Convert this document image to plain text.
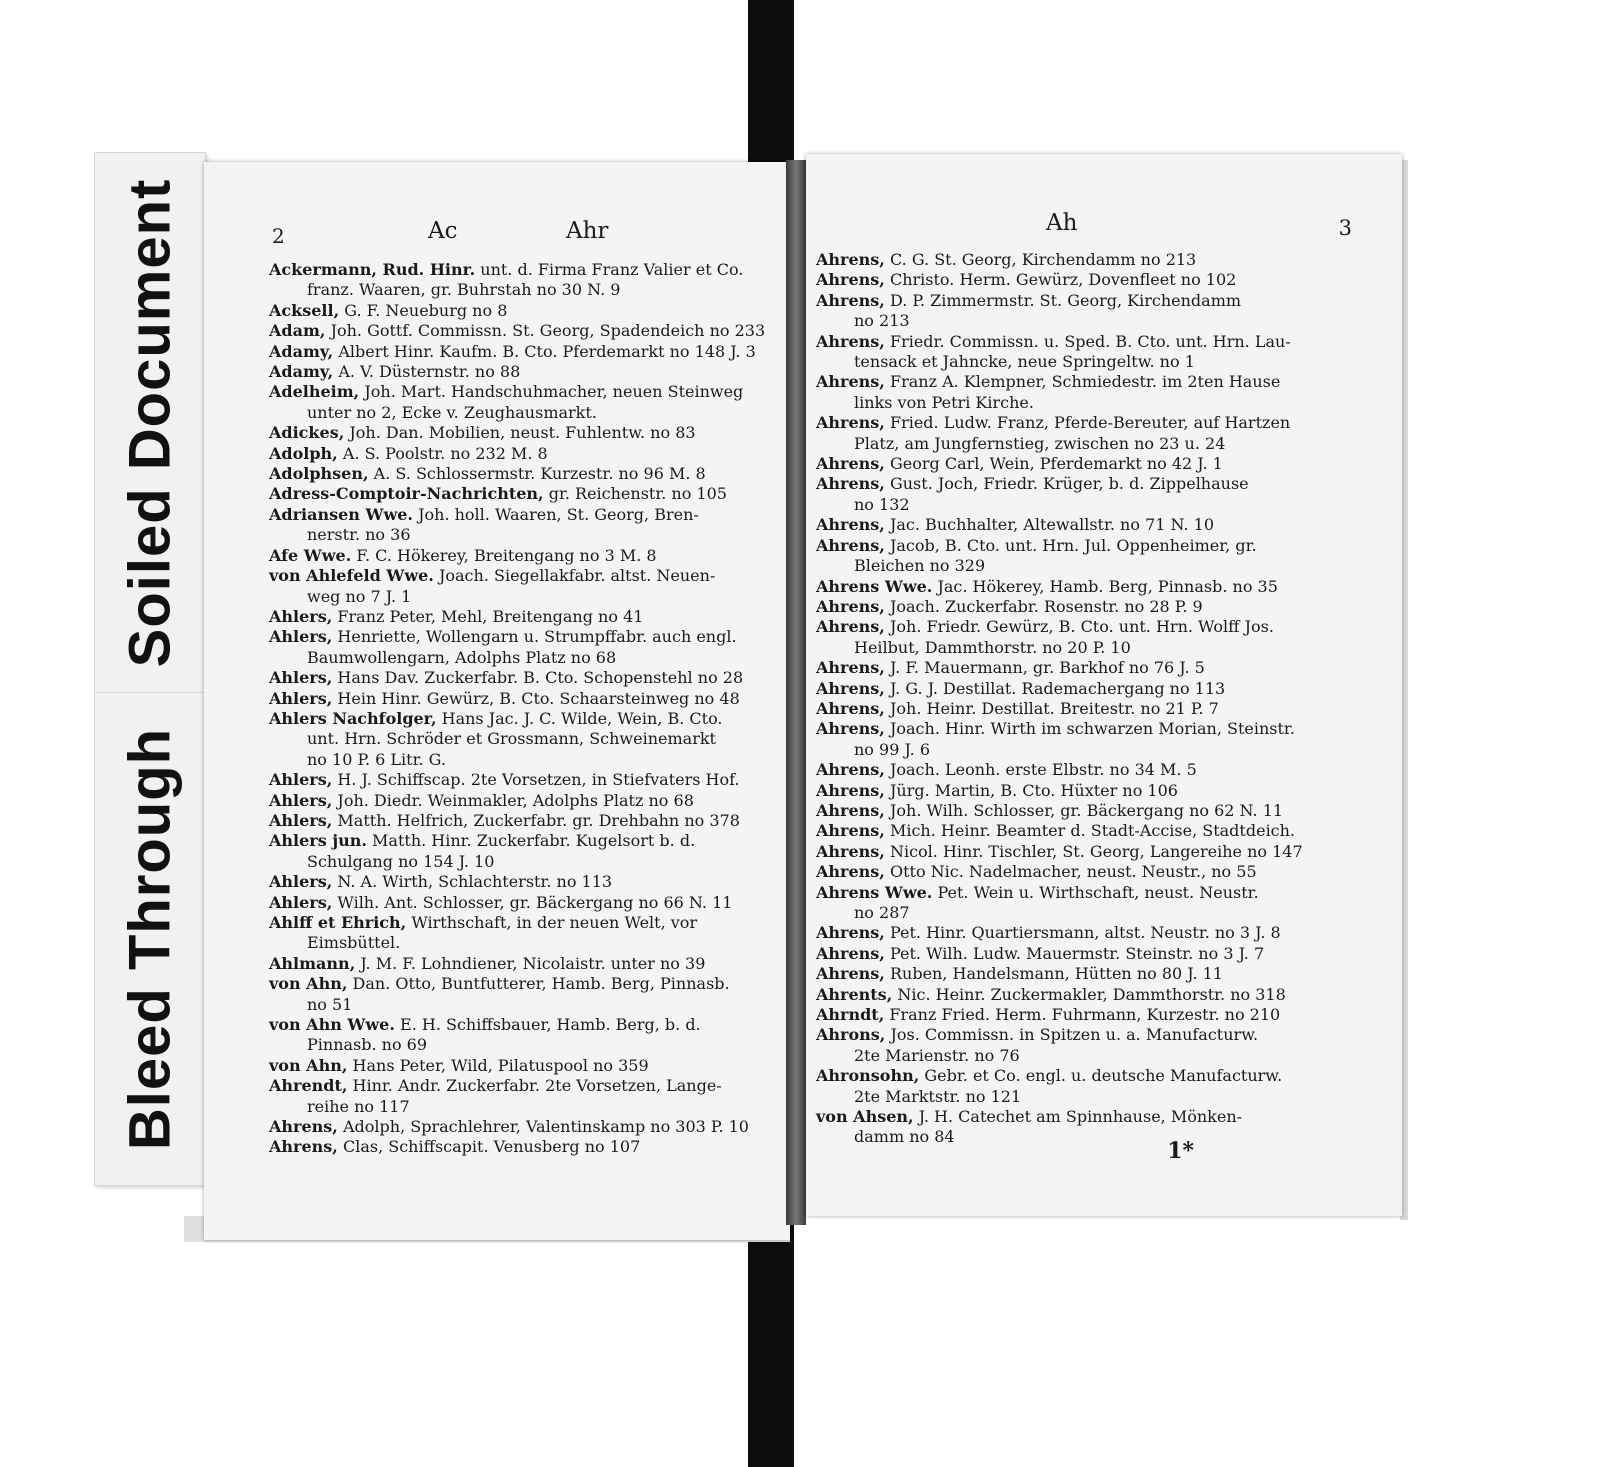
Soiled Document
Bleed Through
2	Ac	Ahr
Ackermann, Rud. Hinr. unt. d. Firma Franz Valier et Co.
franz. Waaren, gr. Buhrstah no 30 N. 9
Acksell, G. F. Neueburg no 8
Adam, Joh. Gottf. Commissn. St. Georg, Spadendeich no 233
Adamy, Albert Hinr. Kaufm. B. Cto. Pferdemarkt no 148 J. 3
Adamy, A. V. Düsternstr. no 88
Adelheim, Joh. Mart. Handschuhmacher, neuen Steinweg
unter no 2, Ecke v. Zeughausmarkt.
Adickes, Joh. Dan. Mobilien, neust. Fuhlentw. no 83
Adolph, A. S. Poolstr. no 232 M. 8
Adolphsen, A. S. Schlossermstr. Kurzestr. no 96 M. 8
Adress-Comptoir-Nachrichten, gr. Reichenstr. no 105
Adriansen Wwe. Joh. holl. Waaren, St. Georg, Bren-
nerstr. no 36
Afe Wwe. F. C. Hökerey, Breitengang no 3 M. 8
von Ahlefeld Wwe. Joach. Siegellakfabr. altst. Neuen-
weg no 7 J. 1
Ahlers, Franz Peter, Mehl, Breitengang no 41
Ahlers, Henriette, Wollengarn u. Strumpffabr. auch engl.
Baumwollengarn, Adolphs Platz no 68
Ahlers, Hans Dav. Zuckerfabr. B. Cto. Schopenstehl no 28
Ahlers, Hein Hinr. Gewürz, B. Cto. Schaarsteinweg no 48
Ahlers Nachfolger, Hans Jac. J. C. Wilde, Wein, B. Cto.
unt. Hrn. Schröder et Grossmann, Schweinemarkt
no 10 P. 6 Litr. G.
Ahlers, H. J. Schiffscap. 2te Vorsetzen, in Stiefvaters Hof.
Ahlers, Joh. Diedr. Weinmakler, Adolphs Platz no 68
Ahlers, Matth. Helfrich, Zuckerfabr. gr. Drehbahn no 378
Ahlers jun. Matth. Hinr. Zuckerfabr. Kugelsort b. d.
Schulgang no 154 J. 10
Ahlers, N. A. Wirth, Schlachterstr. no 113
Ahlers, Wilh. Ant. Schlosser, gr. Bäckergang no 66 N. 11
Ahlff et Ehrich, Wirthschaft, in der neuen Welt, vor
Eimsbüttel.
Ahlmann, J. M. F. Lohndiener, Nicolaistr. unter no 39
von Ahn, Dan. Otto, Buntfutterer, Hamb. Berg, Pinnasb.
no 51
von Ahn Wwe. E. H. Schiffsbauer, Hamb. Berg, b. d.
Pinnasb. no 69
von Ahn, Hans Peter, Wild, Pilatuspool no 359
Ahrendt, Hinr. Andr. Zuckerfabr. 2te Vorsetzen, Lange-
reihe no 117
Ahrens, Adolph, Sprachlehrer, Valentinskamp no 303 P. 10
Ahrens, Clas, Schiffscapit. Venusberg no 107
Ah	3
Ahrens, C. G. St. Georg, Kirchendamm no 213
Ahrens, Christo. Herm. Gewürz, Dovenfleet no 102
Ahrens, D. P. Zimmermstr. St. Georg, Kirchendamm
no 213
Ahrens, Friedr. Commissn. u. Sped. B. Cto. unt. Hrn. Lau-
tensack et Jahncke, neue Springeltw. no 1
Ahrens, Franz A. Klempner, Schmiedestr. im 2ten Hause
links von Petri Kirche.
Ahrens, Fried. Ludw. Franz, Pferde-Bereuter, auf Hartzen
Platz, am Jungfernstieg, zwischen no 23 u. 24
Ahrens, Georg Carl, Wein, Pferdemarkt no 42 J. 1
Ahrens, Gust. Joch, Friedr. Krüger, b. d. Zippelhause
no 132
Ahrens, Jac. Buchhalter, Altewallstr. no 71 N. 10
Ahrens, Jacob, B. Cto. unt. Hrn. Jul. Oppenheimer, gr.
Bleichen no 329
Ahrens Wwe. Jac. Hökerey, Hamb. Berg, Pinnasb. no 35
Ahrens, Joach. Zuckerfabr. Rosenstr. no 28 P. 9
Ahrens, Joh. Friedr. Gewürz, B. Cto. unt. Hrn. Wolff Jos.
Heilbut, Dammthorstr. no 20 P. 10
Ahrens, J. F. Mauermann, gr. Barkhof no 76 J. 5
Ahrens, J. G. J. Destillat. Rademachergang no 113
Ahrens, Joh. Heinr. Destillat. Breitestr. no 21 P. 7
Ahrens, Joach. Hinr. Wirth im schwarzen Morian, Steinstr.
no 99 J. 6
Ahrens, Joach. Leonh. erste Elbstr. no 34 M. 5
Ahrens, Jürg. Martin, B. Cto. Hüxter no 106
Ahrens, Joh. Wilh. Schlosser, gr. Bäckergang no 62 N. 11
Ahrens, Mich. Heinr. Beamter d. Stadt-Accise, Stadtdeich.
Ahrens, Nicol. Hinr. Tischler, St. Georg, Langereihe no 147
Ahrens, Otto Nic. Nadelmacher, neust. Neustr., no 55
Ahrens Wwe. Pet. Wein u. Wirthschaft, neust. Neustr.
no 287
Ahrens, Pet. Hinr. Quartiersmann, altst. Neustr. no 3 J. 8
Ahrens, Pet. Wilh. Ludw. Mauermstr. Steinstr. no 3 J. 7
Ahrens, Ruben, Handelsmann, Hütten no 80 J. 11
Ahrents, Nic. Heinr. Zuckermakler, Dammthorstr. no 318
Ahrndt, Franz Fried. Herm. Fuhrmann, Kurzestr. no 210
Ahrons, Jos. Commissn. in Spitzen u. a. Manufacturw.
2te Marienstr. no 76
Ahronsohn, Gebr. et Co. engl. u. deutsche Manufacturw.
2te Marktstr. no 121
von Ahsen, J. H. Catechet am Spinnhause, Mönken-
damm no 84
1*
